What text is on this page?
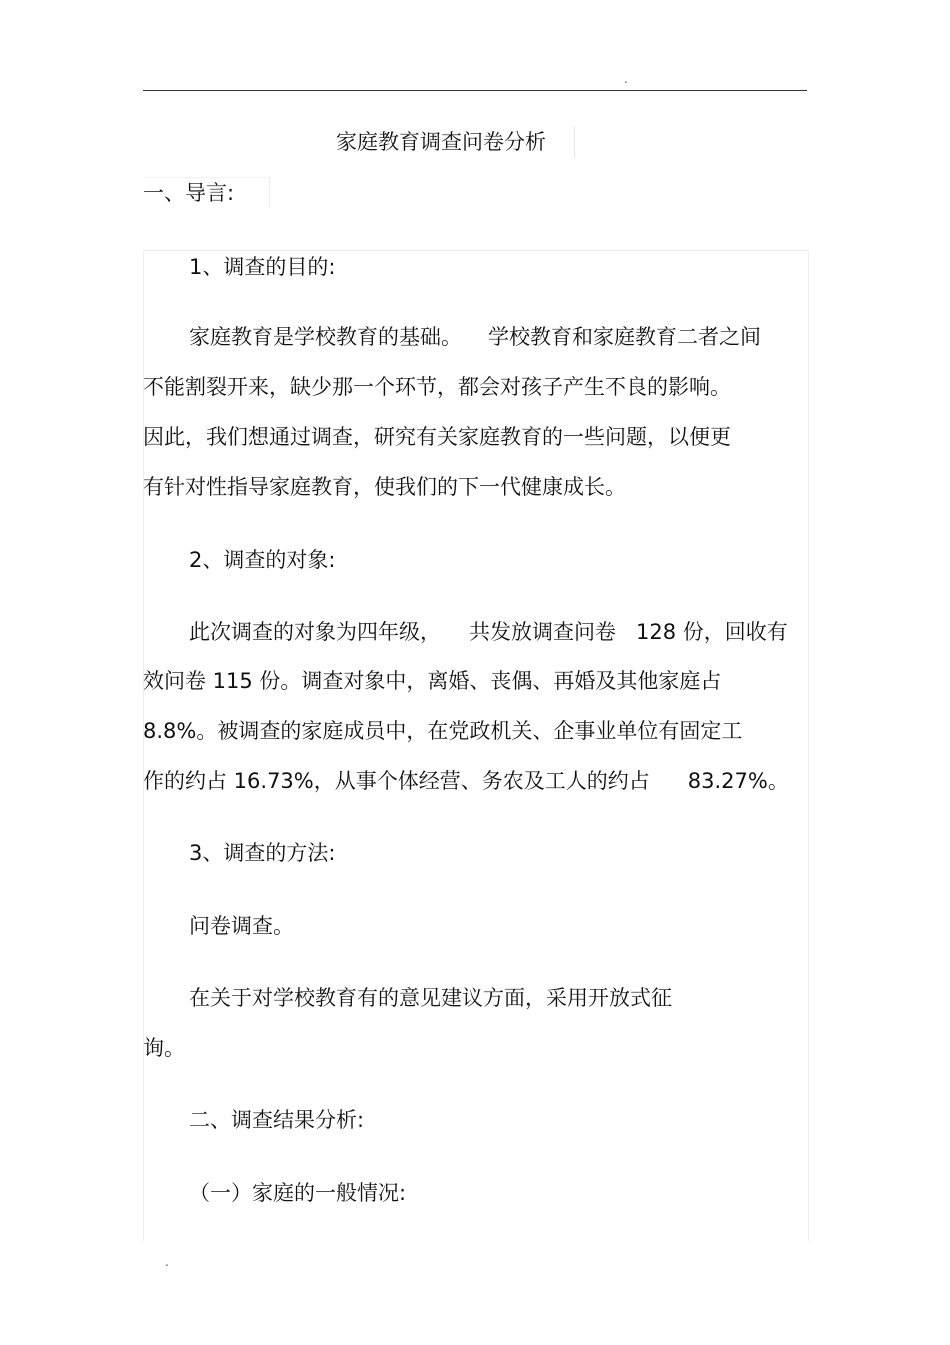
.
家庭教育调查问卷分析
一、导言:
1、调查的目的:
家庭教育是学校教育的基础。 学校教育和家庭教育二者之间
不能割裂开来，缺少那一个环节，都会对孩子产生不良的影响。
因此，我们想通过调查，研究有关家庭教育的一些问题，以便更
有针对性指导家庭教育，使我们的下一代健康成长。
2、调查的对象:
此次调查的对象为四年级， 共发放调查问卷 128 份，回收有
效问卷 115 份。调查对象中，离婚、丧偶、再婚及其他家庭占
8.8%。被调查的家庭成员中，在党政机关、企事业单位有固定工
作的约占 16.73%，从事个体经营、务农及工人的约占 83.27%。
3、调查的方法:
问卷调查。
在关于对学校教育有的意见建议方面，采用开放式征
询。
二、调查结果分析:
（一）家庭的一般情况:
.
